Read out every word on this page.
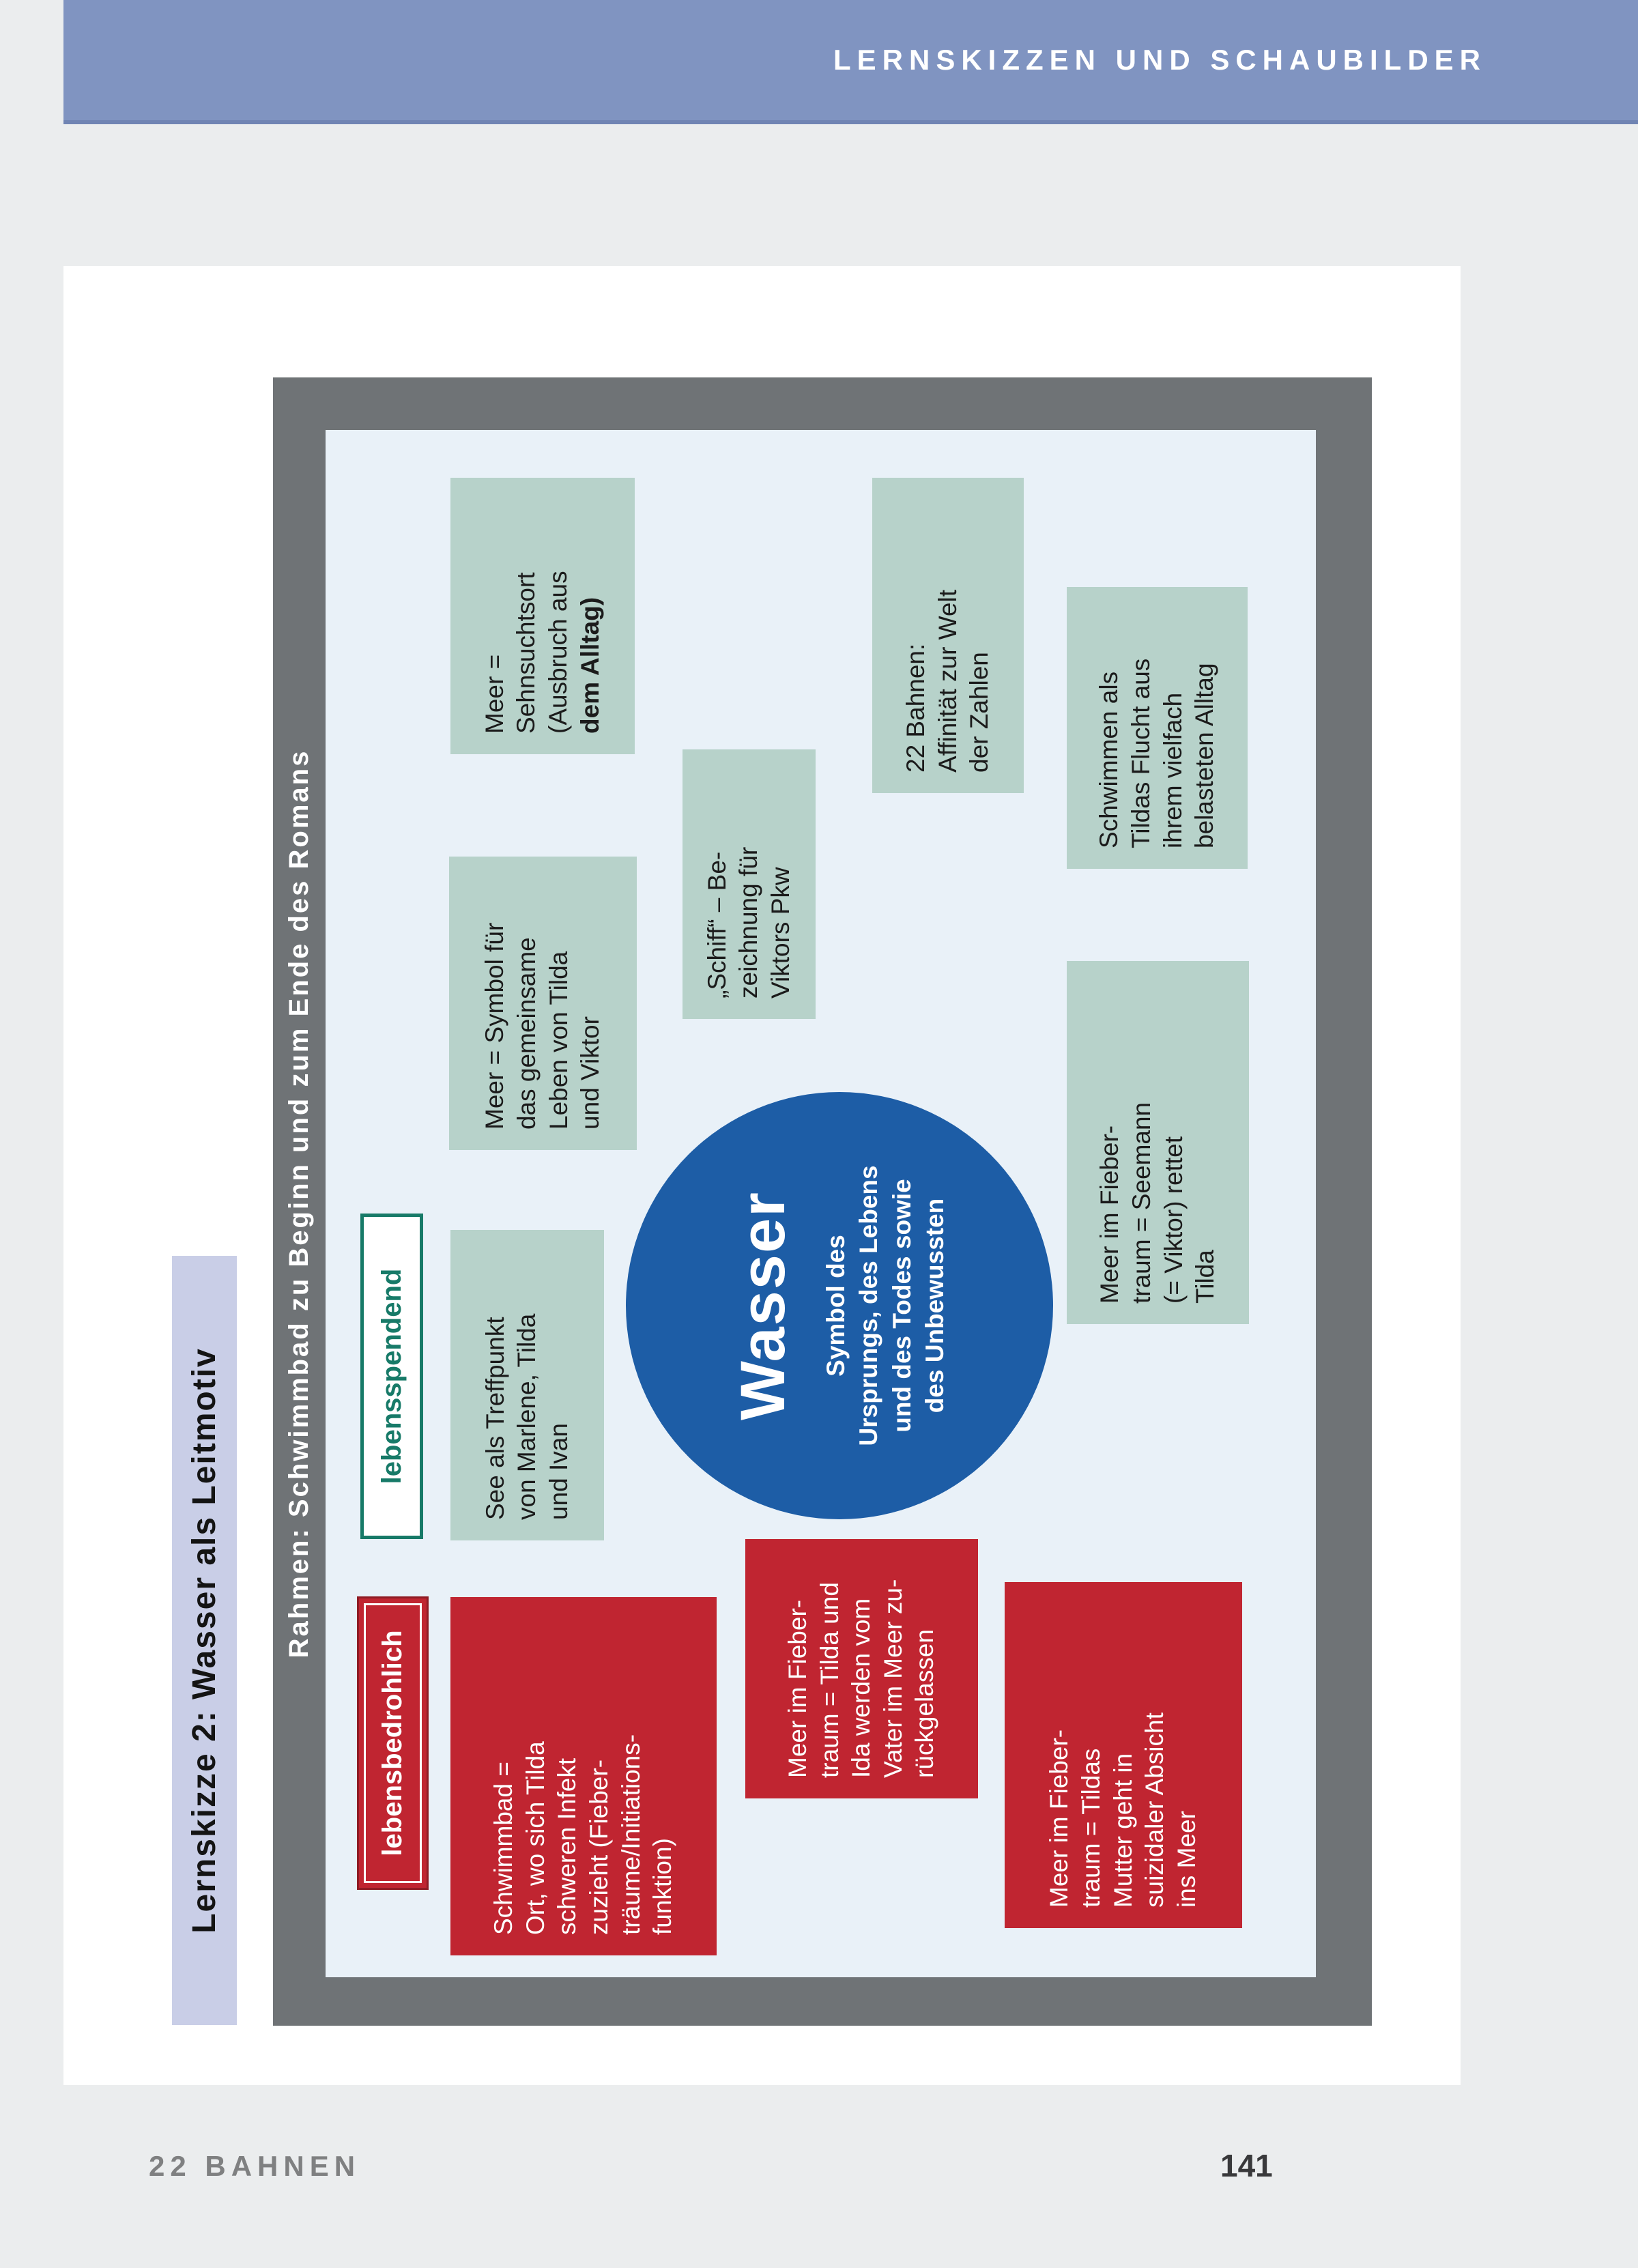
LERNSKIZZEN UND SCHAUBILDER
Lernskizze 2: Wasser als Leitmotiv Rahmen: Schwimmbad zu Beginn und zum Ende des Romans
Meer = Sehnsuchtsort (Ausbruch aus dem Alltag)
„Schiff“ – Be- zeichnung für Viktors Pkw
22 Bahnen: Affinität zur Welt der Zahlen	Schwimmen als Tildas Flucht aus ihrem vielfach belasteten Alltag
Meer = Symbol für das gemeinsame Leben von Tilda und Viktor
Meer im Fieber- traum = Seemann (= Viktor) rettet Tilda
See als Treffpunkt von Marlene, Tilda und Ivan
Wasser Symbol des Ursprungs, des Lebens und des Todes sowie des Unbewussten
lebensspendend
lebensbedrohlich	Schwimmbad = Ort, wo sich Tilda schweren Infekt zuzieht (Fieber- träume/Initiations- funktion)
Meer im Fieber- traum = Tilda und Ida werden vom Vater im Meer zu- rückgelassen
Meer im Fieber- traum = Tildas Mutter geht in suizidaler Absicht ins Meer
22 BAHNEN	141
